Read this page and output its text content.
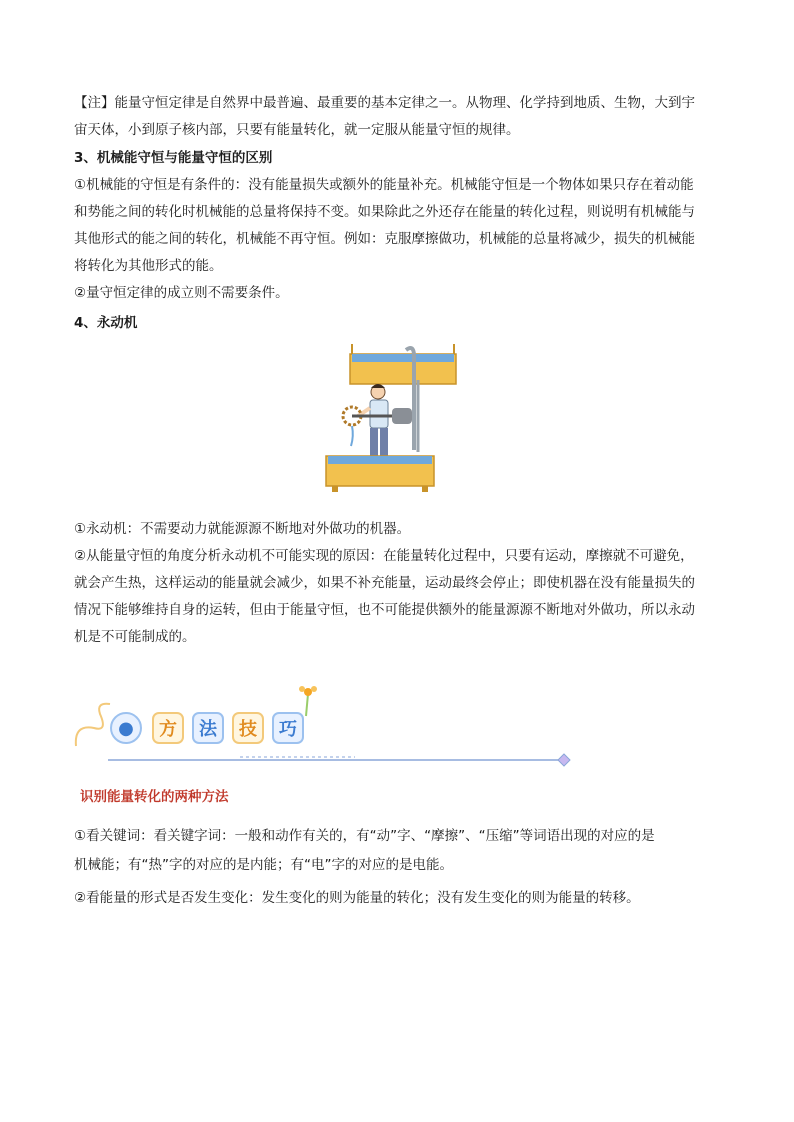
【注】能量守恒定律是自然界中最普遍、最重要的基本定律之一。从物理、化学持到地质、生物，大到宇
宙天体，小到原子核内部，只要有能量转化，就一定服从能量守恒的规律。
3、机械能守恒与能量守恒的区别
①机械能的守恒是有条件的：没有能量损失或额外的能量补充。机械能守恒是一个物体如果只存在着动能
和势能之间的转化时机械能的总量将保持不变。如果除此之外还存在能量的转化过程，则说明有机械能与
其他形式的能之间的转化，机械能不再守恒。例如：克服摩擦做功，机械能的总量将减少，损失的机械能
将转化为其他形式的能。
②量守恒定律的成立则不需要条件。
4、永动机
①永动机：不需要动力就能源源不断地对外做功的机器。
②从能量守恒的角度分析永动机不可能实现的原因：在能量转化过程中，只要有运动，摩擦就不可避免，
就会产生热，这样运动的能量就会减少，如果不补充能量，运动最终会停止；即使机器在没有能量损失的
情况下能够维持自身的运转，但由于能量守恒，也不可能提供额外的能量源源不断地对外做功，所以永动
机是不可能制成的。
●	方	法	技	巧
识别能量转化的两种方法
①看关键词：看关键字词：一般和动作有关的，有“动”字、“摩擦”、“压缩”等词语出现的对应的是
机械能；有“热”字的对应的是内能；有“电”字的对应的是电能。
②看能量的形式是否发生变化：发生变化的则为能量的转化；没有发生变化的则为能量的转移。
